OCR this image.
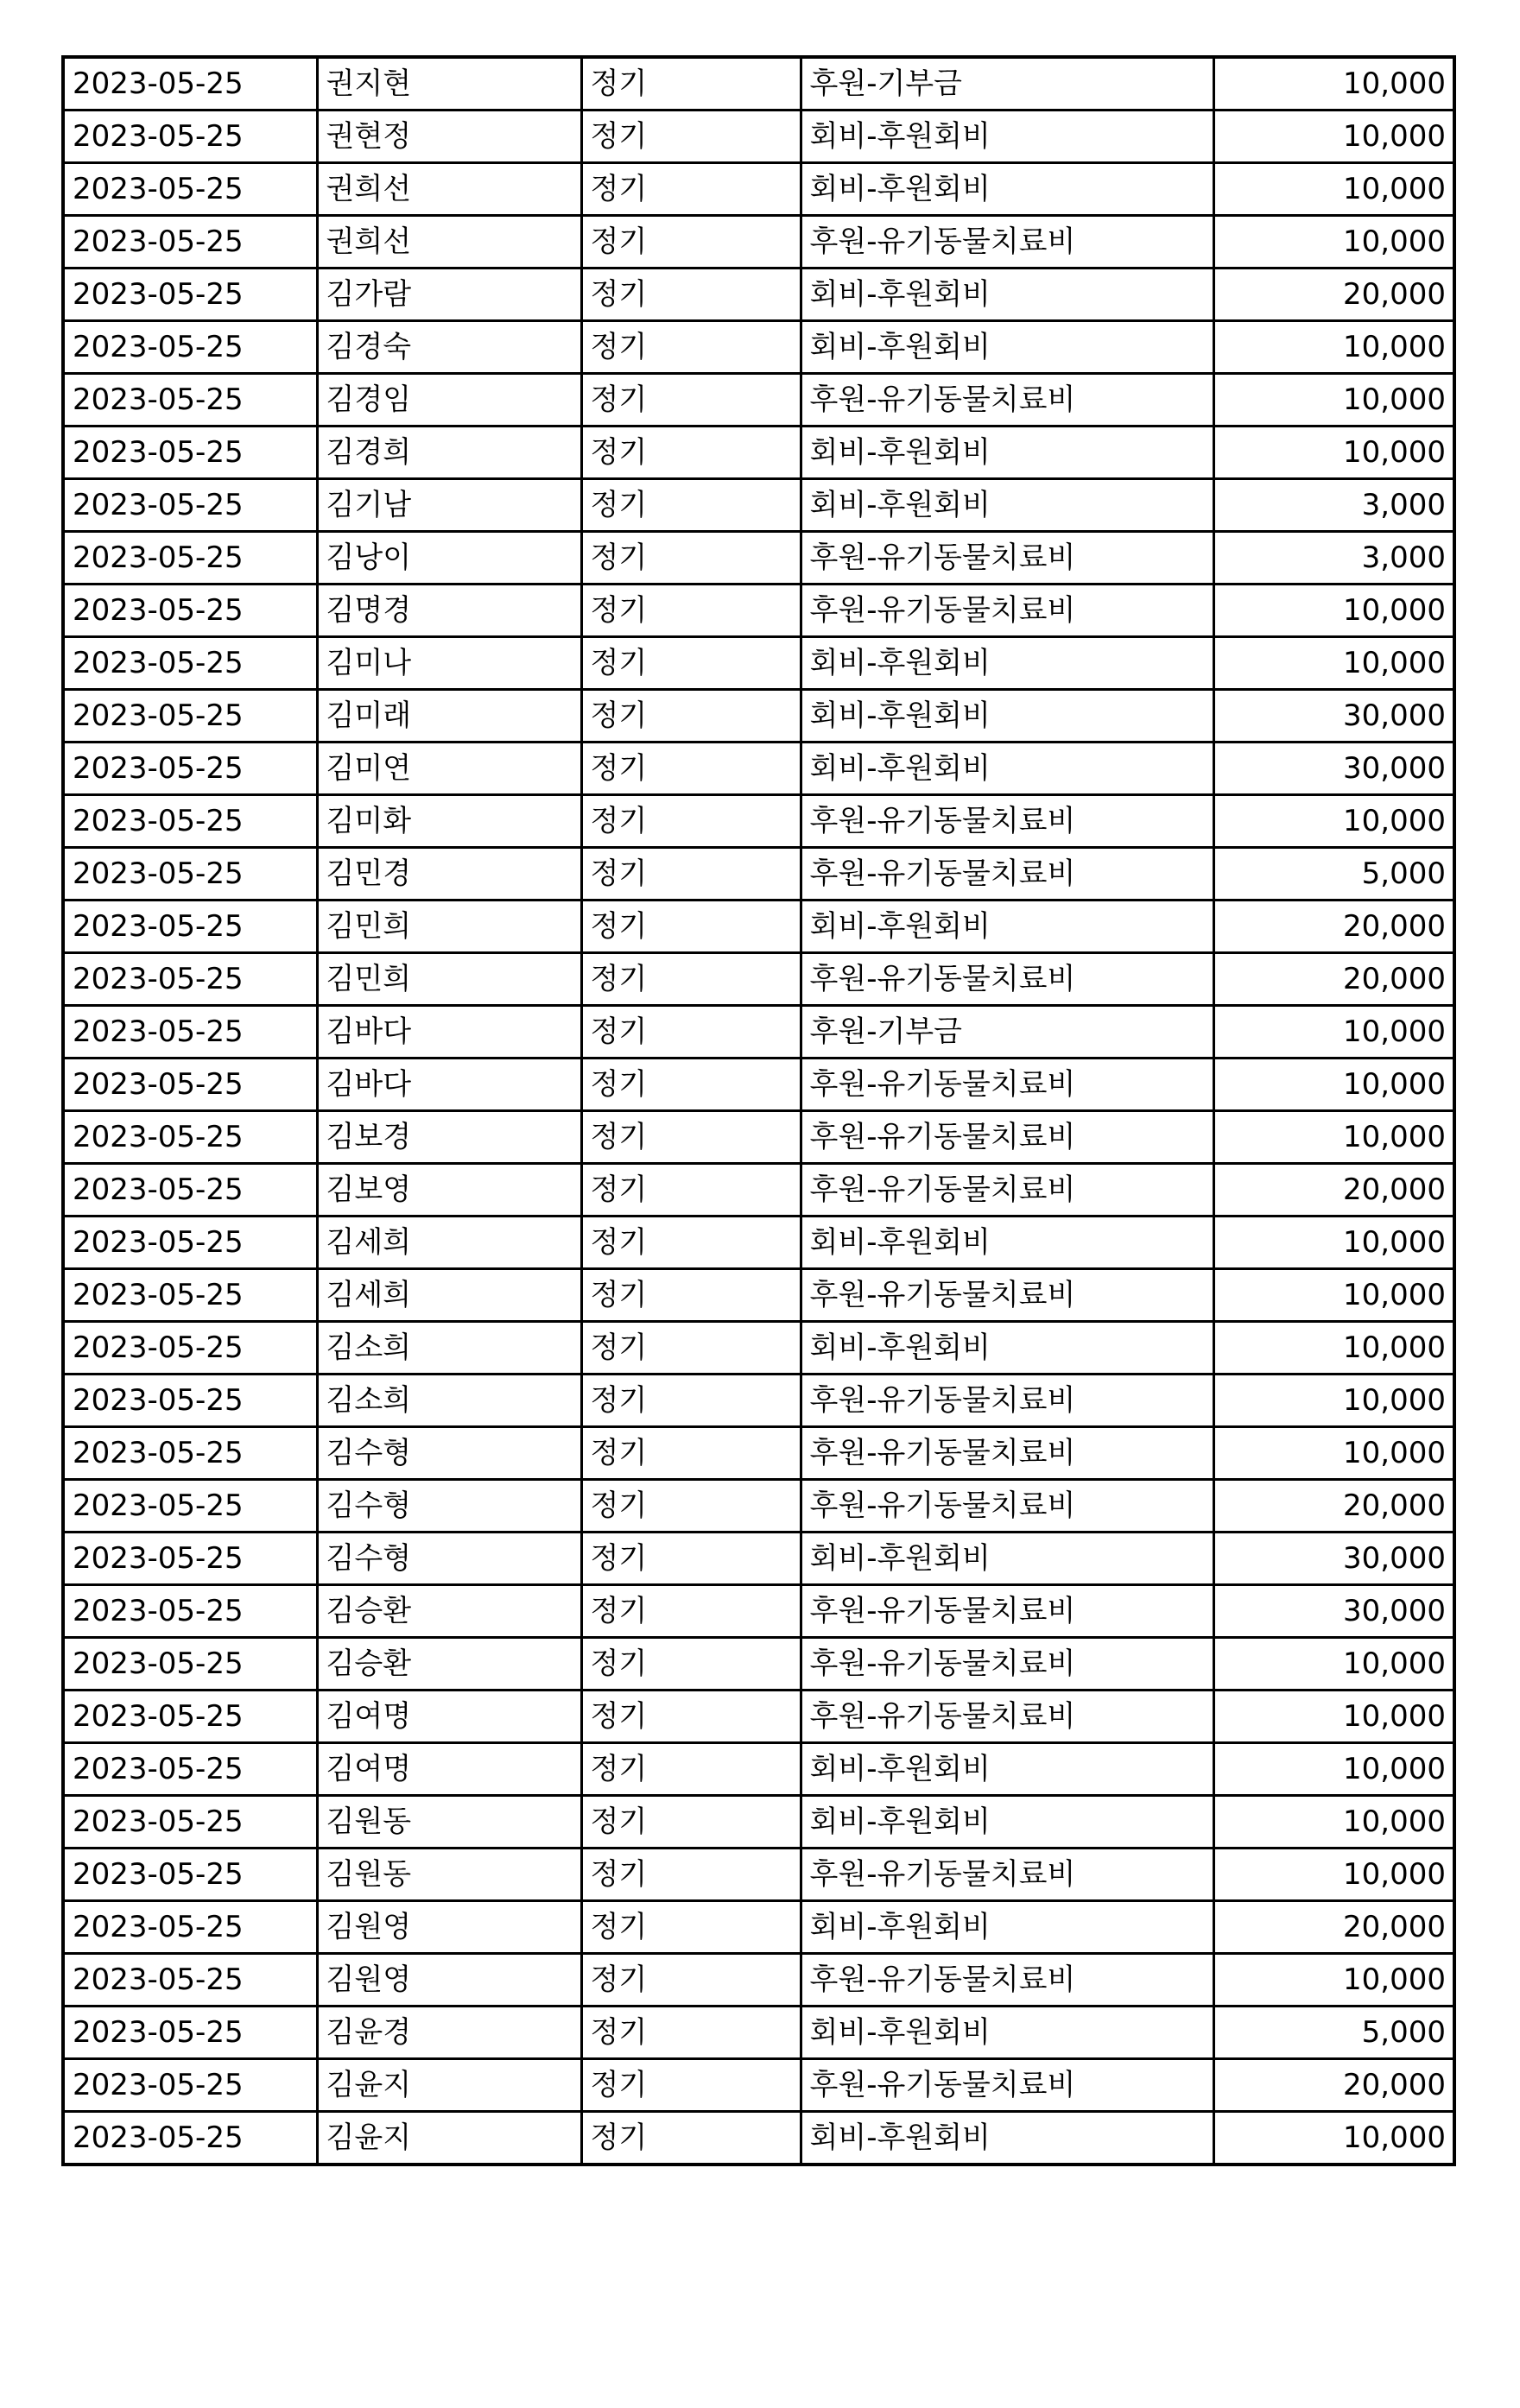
2023-05-25	권지현	정기	후원-기부금	10,000
2023-05-25	권현정	정기	회비-후원회비	10,000
2023-05-25	권희선	정기	회비-후원회비	10,000
2023-05-25	권희선	정기	후원-유기동물치료비	10,000
2023-05-25	김가람	정기	회비-후원회비	20,000
2023-05-25	김경숙	정기	회비-후원회비	10,000
2023-05-25	김경임	정기	후원-유기동물치료비	10,000
2023-05-25	김경희	정기	회비-후원회비	10,000
2023-05-25	김기남	정기	회비-후원회비	3,000
2023-05-25	김낭이	정기	후원-유기동물치료비	3,000
2023-05-25	김명경	정기	후원-유기동물치료비	10,000
2023-05-25	김미나	정기	회비-후원회비	10,000
2023-05-25	김미래	정기	회비-후원회비	30,000
2023-05-25	김미연	정기	회비-후원회비	30,000
2023-05-25	김미화	정기	후원-유기동물치료비	10,000
2023-05-25	김민경	정기	후원-유기동물치료비	5,000
2023-05-25	김민희	정기	회비-후원회비	20,000
2023-05-25	김민희	정기	후원-유기동물치료비	20,000
2023-05-25	김바다	정기	후원-기부금	10,000
2023-05-25	김바다	정기	후원-유기동물치료비	10,000
2023-05-25	김보경	정기	후원-유기동물치료비	10,000
2023-05-25	김보영	정기	후원-유기동물치료비	20,000
2023-05-25	김세희	정기	회비-후원회비	10,000
2023-05-25	김세희	정기	후원-유기동물치료비	10,000
2023-05-25	김소희	정기	회비-후원회비	10,000
2023-05-25	김소희	정기	후원-유기동물치료비	10,000
2023-05-25	김수형	정기	후원-유기동물치료비	10,000
2023-05-25	김수형	정기	후원-유기동물치료비	20,000
2023-05-25	김수형	정기	회비-후원회비	30,000
2023-05-25	김승환	정기	후원-유기동물치료비	30,000
2023-05-25	김승환	정기	후원-유기동물치료비	10,000
2023-05-25	김여명	정기	후원-유기동물치료비	10,000
2023-05-25	김여명	정기	회비-후원회비	10,000
2023-05-25	김원동	정기	회비-후원회비	10,000
2023-05-25	김원동	정기	후원-유기동물치료비	10,000
2023-05-25	김원영	정기	회비-후원회비	20,000
2023-05-25	김원영	정기	후원-유기동물치료비	10,000
2023-05-25	김윤경	정기	회비-후원회비	5,000
2023-05-25	김윤지	정기	후원-유기동물치료비	20,000
2023-05-25	김윤지	정기	회비-후원회비	10,000
